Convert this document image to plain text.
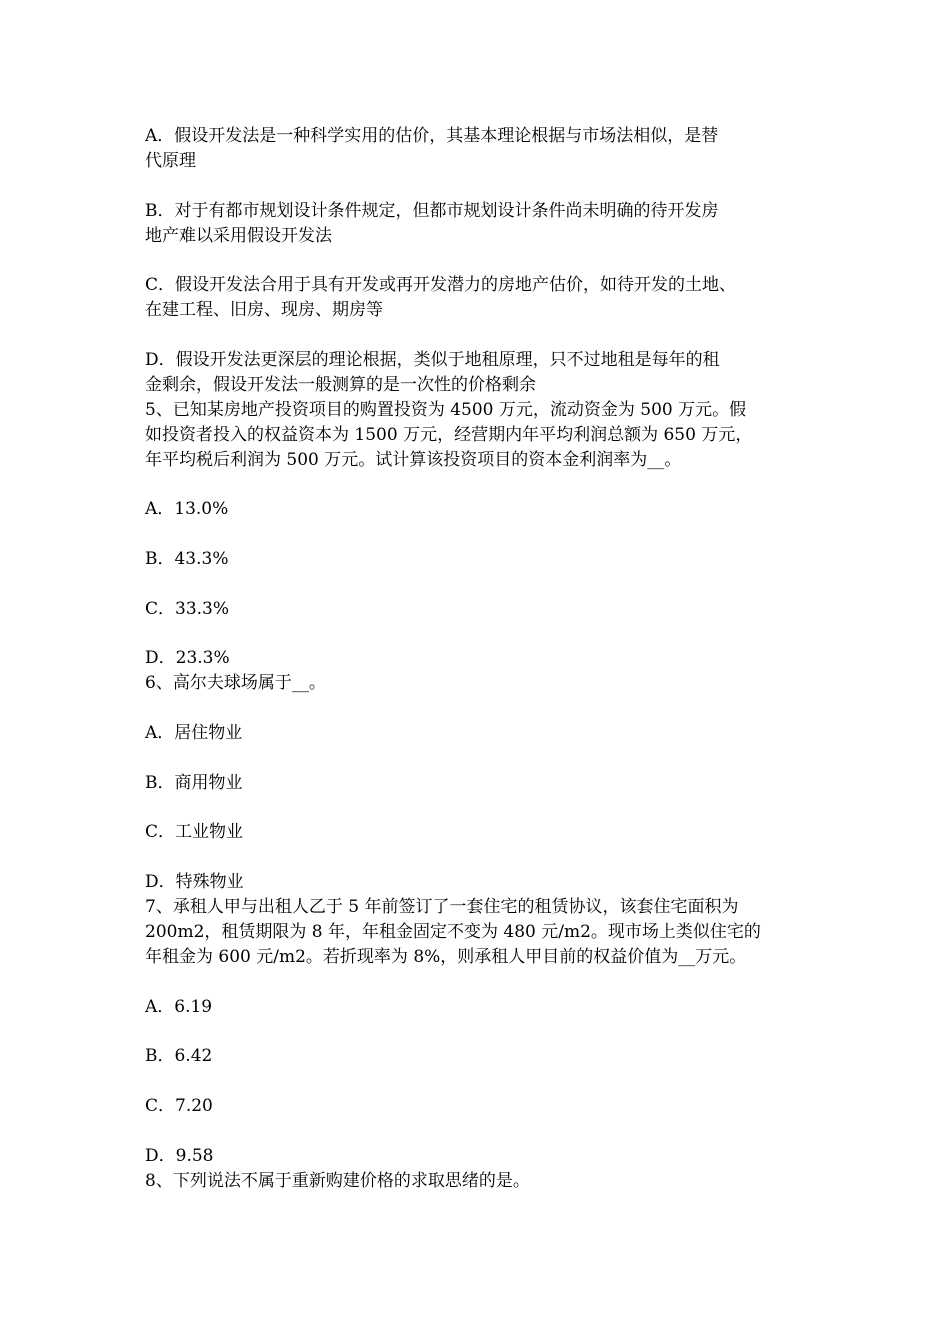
A．假设开发法是一种科学实用的估价，其基本理论根据与市场法相似，是替
代原理
B．对于有都市规划设计条件规定，但都市规划设计条件尚未明确的待开发房
地产难以采用假设开发法
C．假设开发法合用于具有开发或再开发潜力的房地产估价，如待开发的土地、
在建工程、旧房、现房、期房等
D．假设开发法更深层的理论根据，类似于地租原理，只不过地租是每年的租
金剩余，假设开发法一般测算的是一次性的价格剩余
5、已知某房地产投资项目的购置投资为 4500 万元，流动资金为 500 万元。假
如投资者投入的权益资本为 1500 万元，经营期内年平均利润总额为 650 万元，
年平均税后利润为 500 万元。试计算该投资项目的资本金利润率为__。
A．13.0%
B．43.3%
C．33.3%
D．23.3%
6、高尔夫球场属于__。
A．居住物业
B．商用物业
C．工业物业
D．特殊物业
7、承租人甲与出租人乙于 5 年前签订了一套住宅的租赁协议，该套住宅面积为
200m2，租赁期限为 8 年，年租金固定不变为 480 元/m2。现市场上类似住宅的
年租金为 600 元/m2。若折现率为 8%，则承租人甲目前的权益价值为__万元。
A．6.19
B．6.42
C．7.20
D．9.58
8、下列说法不属于重新购建价格的求取思绪的是。
